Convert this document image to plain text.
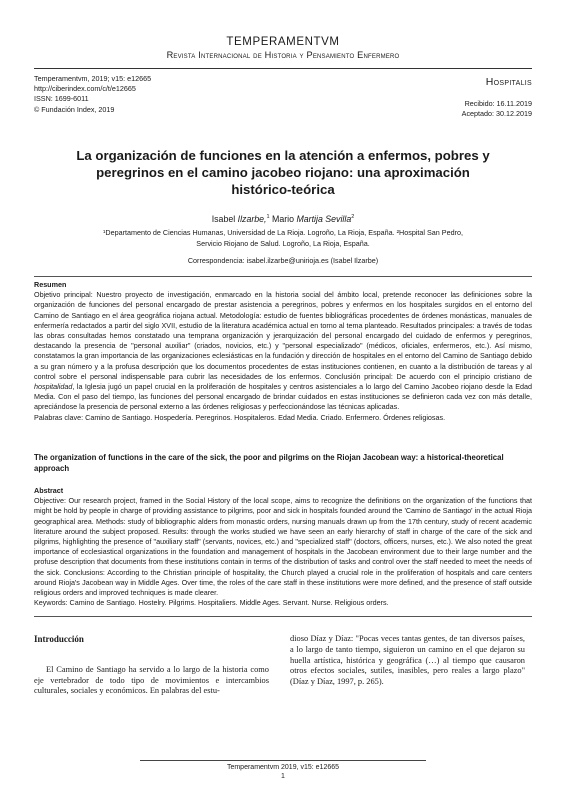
TEMPERAMENTVM
Revista Internacional de Historia y Pensamiento Enfermero
Temperamentvm, 2019; v15: e12665
http://ciberindex.com/c/t/e12665
ISSN: 1699-6011
© Fundación Index, 2019
Hospitalis
Recibido: 16.11.2019
Aceptado: 30.12.2019
La organización de funciones en la atención a enfermos, pobres y peregrinos en el camino jacobeo riojano: una aproximación histórico-teórica
Isabel Ilzarbe,$^1$ Mario Martija Sevilla$^2$
¹Departamento de Ciencias Humanas, Universidad de La Rioja. Logroño, La Rioja, España. ²Hospital San Pedro, Servicio Riojano de Salud. Logroño, La Rioja, España.
Correspondencia: isabel.ilzarbe@unirioja.es (Isabel Ilzarbe)
Resumen
Objetivo principal: Nuestro proyecto de investigación, enmarcado en la historia social del ámbito local, pretende reconocer las definiciones sobre la organización de funciones del personal encargado de prestar asistencia a peregrinos, pobres y enfermos en los hospitales surgidos en el entorno del Camino de Santiago en el área geográfica riojana actual. Metodología: estudio de fuentes bibliográficas procedentes de órdenes monásticas, manuales de enfermería redactados a partir del siglo XVII, estudio de la literatura académica actual en torno al tema planteado. Resultados principales: a través de todas las obras consultadas hemos constatado una temprana organización y jerarquización del personal encargado del cuidado de enfermos y peregrinos, destacando la presencia de "personal auxiliar" (criados, novicios, etc.) y "personal especializado" (médicos, oficiales, enfermeros, etc.). Así mismo, constatamos la gran importancia de las organizaciones eclesiásticas en la fundación y dirección de hospitales en el entorno del Camino de Santiago debido a su gran número y a la profusa descripción que los documentos procedentes de estas instituciones contienen, en cuanto a la distribución de tareas y al control sobre el personal indispensable para cubrir las necesidades de los enfermos. Conclusión principal: De acuerdo con el principio cristiano de hospitalidad, la Iglesia jugó un papel crucial en la proliferación de hospitales y centros asistenciales a lo largo del Camino Jacobeo riojano desde la Edad Media. Con el paso del tiempo, las funciones del personal encargado de brindar cuidados en estas instituciones se definieron cada vez con más detalle, apreciándose la presencia de personal externo a las órdenes religiosas y perfeccionándose las técnicas aplicadas.
Palabras clave: Camino de Santiago. Hospedería. Peregrinos. Hospitaleros. Edad Media. Criado. Enfermero. Órdenes religiosas.
The organization of functions in the care of the sick, the poor and pilgrims on the Riojan Jacobean way: a historical-theoretical approach
Abstract
Objective: Our research project, framed in the Social History of the local scope, aims to recognize the definitions on the organization of the functions that might be hold by people in charge of providing assistance to pilgrims, poor and sick in hospitals founded around the 'Camino de Santiago' in the actual Rioja geographical area. Methods: study of bibliographic alders from monastic orders, nursing manuals drawn up from the 17th century, study of recent academic literature around the subject proposed. Results: through the works studied we have seen an early hierarchy of staff in charge of the care of the sick and pilgrims, highlighting the presence of "auxiliary staff" (servants, novices, etc.) and "specialized staff" (doctors, officers, nurses, etc.). We also noted the great importance of ecclesiastical organizations in the foundation and management of hospitals in the Jacobean environment due to their large number and the profuse description that documents from these institutions contain in terms of the distribution of tasks and control over the staff needed to meet the needs of the sick. Conclusions: According to the Christian principle of hospitality, the Church played a crucial role in the proliferation of hospitals and care centers around Rioja's Jacobean way in Middle Ages. Over time, the roles of the care staff in these institutions were more defined, and the presence of staff outside religious orders and improved techniques is made clearer.
Keywords: Camino de Santiago. Hostelry. Pilgrims. Hospitaliers. Middle Ages. Servant. Nurse. Religious orders.
Introducción
El Camino de Santiago ha servido a lo largo de la historia como eje vertebrador de todo tipo de movimientos e intercambios culturales, sociales y económicos. En palabras del estu-
dioso Díaz y Díaz: "Pocas veces tantas gentes, de tan diversos países, a lo largo de tanto tiempo, siguieron un camino en el que dejaron su huella artística, histórica y geográfica (…) al tiempo que causaron otros efectos sociales, sutiles, inasibles, pero reales a largo plazo" (Díaz y Díaz, 1997, p. 265).
Temperamentvm 2019, v15: e12665
1
